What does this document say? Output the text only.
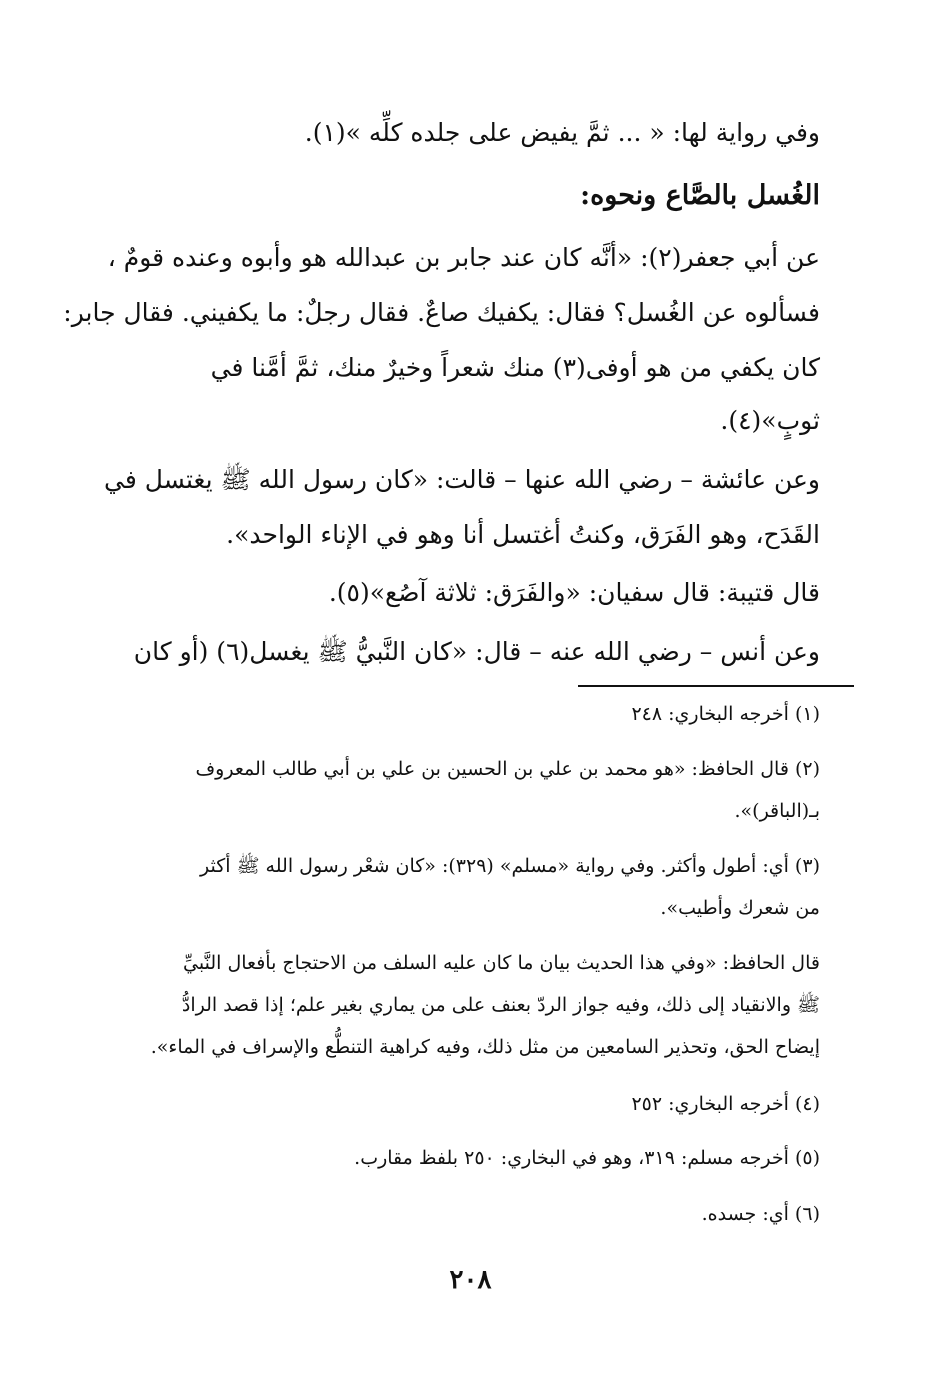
وفي رواية لها: « ... ثمَّ يفيض على جلده كلِّه »(١).
الغُسل بالصَّاع ونحوه:
عن أبي جعفر(٢): «أنَّه كان عند جابر بن عبدالله هو وأبوه وعنده قومٌ ،
فسألوه عن الغُسل؟ فقال: يكفيك صاعٌ. فقال رجلٌ: ما يكفيني. فقال جابر:
كان يكفي من هو أوفى(٣) منك شعراً وخيرٌ منك، ثمَّ أمَّنا في
ثوبٍ»(٤).
وعن عائشة – رضي الله عنها – قالت: «كان رسول الله ﷺ يغتسل في
القَدَح، وهو الفَرَق، وكنتُ أغتسل أنا وهو في الإناء الواحد».
قال قتيبة: قال سفيان: «والفَرَق: ثلاثة آصُع»(٥).
وعن أنس – رضي الله عنه – قال: «كان النَّبيُّ ﷺ يغسل(٦) (أو كان
(١) أخرجه البخاري: ٢٤٨
(٢) قال الحافظ: «هو محمد بن علي بن الحسين بن علي بن أبي طالب المعروف
بـ(الباقر)».
(٣) أي: أطول وأكثر. وفي رواية «مسلم» (٣٢٩): «كان شعْر رسول الله ﷺ أكثر
من شعرك وأطيب».
قال الحافظ: «وفي هذا الحديث بيان ما كان عليه السلف من الاحتجاج بأفعال النَّبيِّ
ﷺ والانقياد إلى ذلك، وفيه جواز الردّ بعنف على من يماري بغير علم؛ إذا قصد الرادُّ
إيضاح الحق، وتحذير السامعين من مثل ذلك، وفيه كراهية التنطُّع والإسراف في الماء».
(٤) أخرجه البخاري: ٢٥٢
(٥) أخرجه مسلم: ٣١٩، وهو في البخاري: ٢٥٠ بلفظ مقارب.
(٦) أي: جسده.
٢٠٨
